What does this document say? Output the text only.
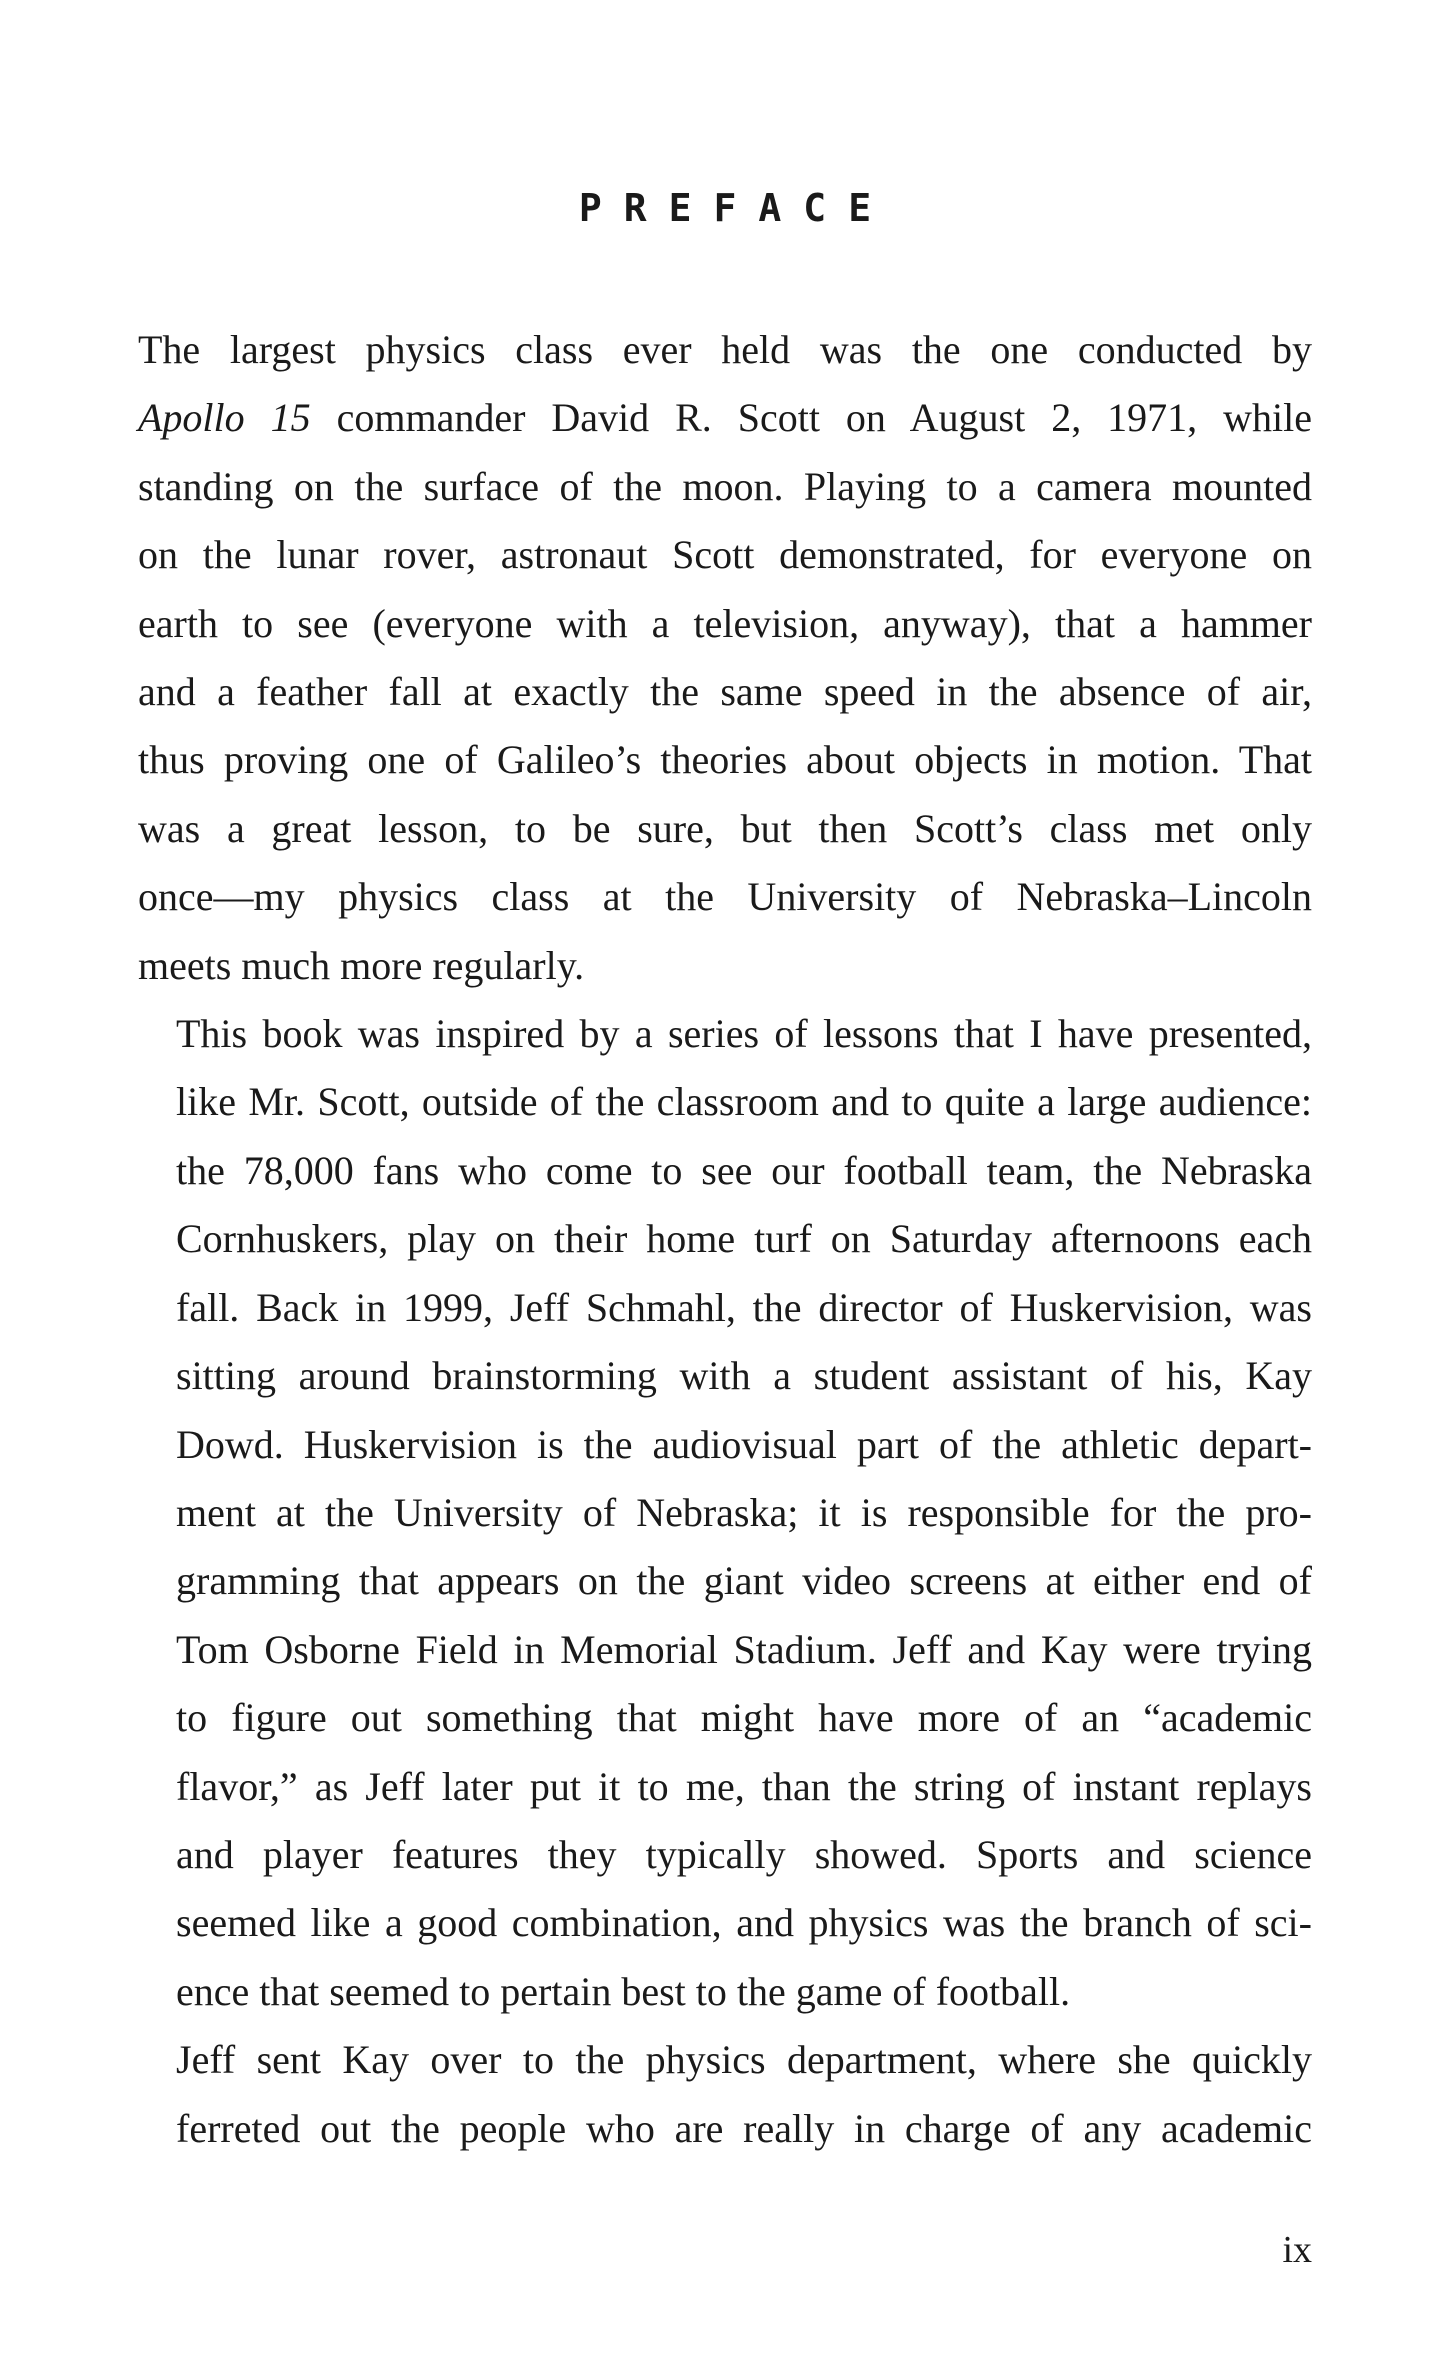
PREFACE
The largest physics class ever held was the one conducted by
Apollo 15 commander David R. Scott on August 2, 1971, while
standing on the surface of the moon. Playing to a camera mounted
on the lunar rover, astronaut Scott demonstrated, for everyone on
earth to see (everyone with a television, anyway), that a hammer
and a feather fall at exactly the same speed in the absence of air,
thus proving one of Galileo’s theories about objects in motion. That
was a great lesson, to be sure, but then Scott’s class met only
once—my physics class at the University of Nebraska–Lincoln
meets much more regularly.
This book was inspired by a series of lessons that I have presented,
like Mr. Scott, outside of the classroom and to quite a large audience:
the 78,000 fans who come to see our football team, the Nebraska
Cornhuskers, play on their home turf on Saturday afternoons each
fall. Back in 1999, Jeff Schmahl, the director of Huskervision, was
sitting around brainstorming with a student assistant of his, Kay
Dowd. Huskervision is the audiovisual part of the athletic depart-
ment at the University of Nebraska; it is responsible for the pro-
gramming that appears on the giant video screens at either end of
Tom Osborne Field in Memorial Stadium. Jeff and Kay were trying
to figure out something that might have more of an “academic
flavor,” as Jeff later put it to me, than the string of instant replays
and player features they typically showed. Sports and science
seemed like a good combination, and physics was the branch of sci-
ence that seemed to pertain best to the game of football.
Jeff sent Kay over to the physics department, where she quickly
ferreted out the people who are really in charge of any academic
ix
